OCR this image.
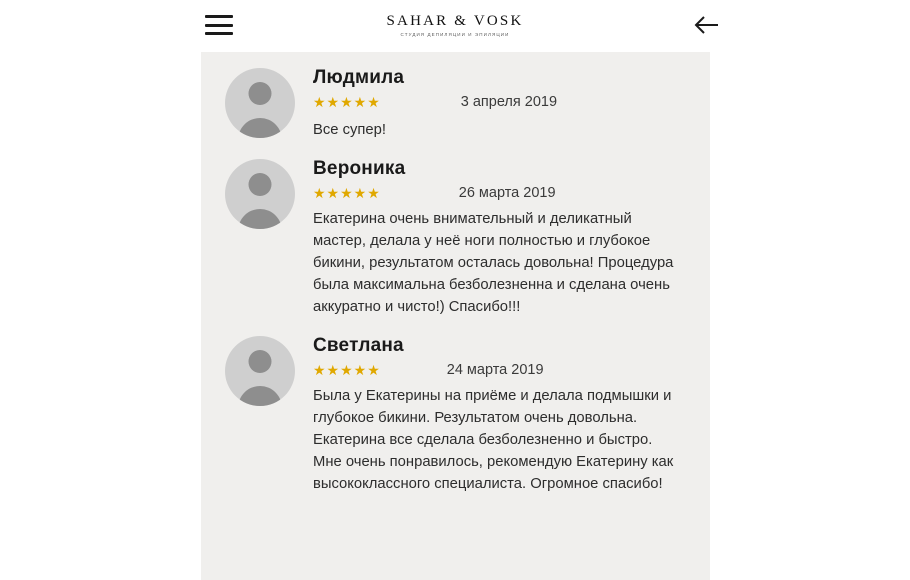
SAHAR & VOSK
СТУДИЯ ДЕПИЛЯЦИИ И ЭПИЛЯЦИИ
Людмила
★★★★★	3 апреля 2019
Все супер!
Вероника
★★★★★	26 марта 2019
Екатерина очень внимательный и деликатный мастер, делала у неё ноги полностью и глубокое бикини, результатом осталась довольна! Процедура была максимальна безболезненна и сделана очень аккуратно и чисто!) Спасибо!!!
Светлана
★★★★★	24 марта 2019
Была у Екатерины на приёме и делала подмышки и глубокое бикини. Результатом очень довольна. Екатерина все сделала безболезненно и быстро. Мне очень понравилось, рекомендую Екатерину как высококлассного специалиста. Огромное спасибо!
